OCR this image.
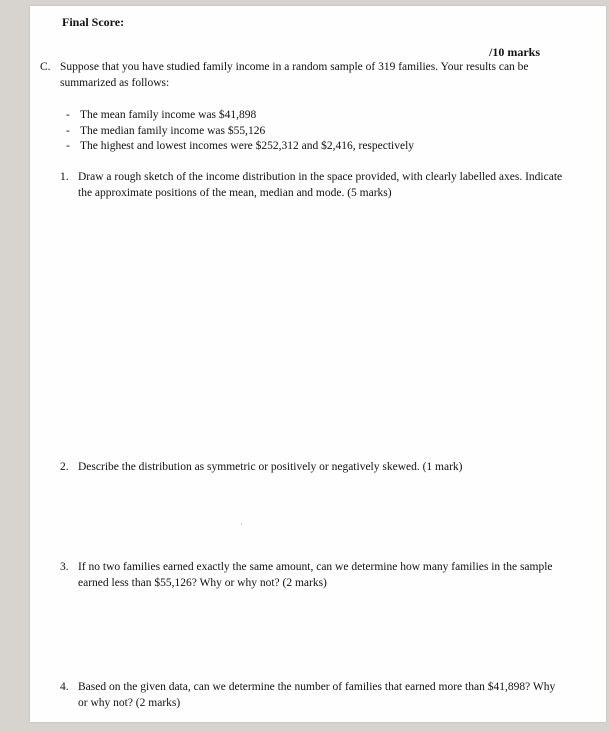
Final Score:
/10 marks
C. Suppose that you have studied family income in a random sample of 319 families. Your results can be summarized as follows:
- The mean family income was $41,898
- The median family income was $55,126
- The highest and lowest incomes were $252,312 and $2,416, respectively
1. Draw a rough sketch of the income distribution in the space provided, with clearly labelled axes. Indicate the approximate positions of the mean, median and mode. (5 marks)
2. Describe the distribution as symmetric or positively or negatively skewed. (1 mark)
·
3. If no two families earned exactly the same amount, can we determine how many families in the sample earned less than $55,126? Why or why not? (2 marks)
4. Based on the given data, can we determine the number of families that earned more than $41,898? Why or why not? (2 marks)
